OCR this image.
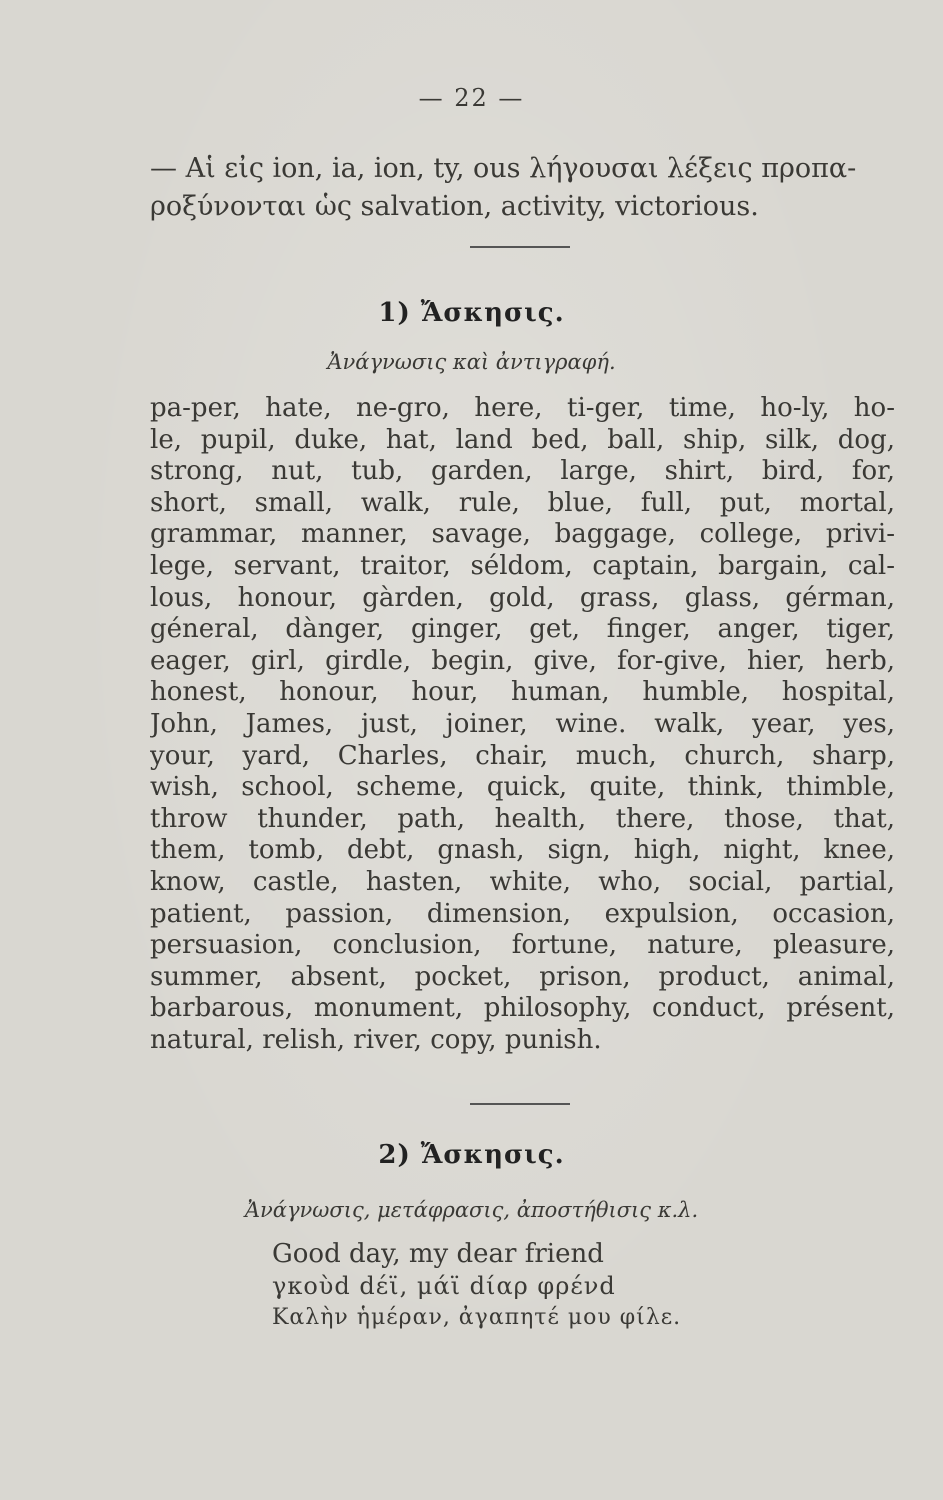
— 22 —
— Αἱ εἰς ion, ia, ion, ty, ous λήγουσαι λέξεις προπα-
ροξύνονται ὡς salvation, activity, victorious.
1) Ἄσκησις.
Ἀνάγνωσις καὶ ἀντιγραφή.
pa-per, hate, ne-gro, here, ti-ger, time, ho-ly, ho-
le, pupil, duke, hat, land bed, ball, ship, silk, dog,
strong, nut, tub, garden, large, shirt, bird, for,
short, small, walk, rule, blue, full, put, mortal,
grammar, manner, savage, baggage, college, privi-
lege, servant, traitor, séldom, captain, bargain, cal-
lous, honour, gàrden, gold, grass, glass, gérman,
géneral, dànger, ginger, get, finger, anger, tiger,
eager, girl, girdle, begin, give, for-give, hier, herb,
honest, honour, hour, human, humble, hospital,
John, James, just, joiner, wine. walk, year, yes,
your, yard, Charles, chair, much, church, sharp,
wish, school, scheme, quick, quite, think, thimble,
throw thunder, path, health, there, those, that,
them, tomb, debt, gnash, sign, high, night, knee,
know, castle, hasten, white, who, social, partial,
patient, passion, dimension, expulsion, occasion,
persuasion, conclusion, fortune, nature, pleasure,
summer, absent, pocket, prison, product, animal,
barbarous, monument, philosophy, conduct, présent,
natural, relish, river, copy, punish.
2) Ἄσκησις.
Ἀνάγνωσις, μετάφρασις, ἀποστήθισις κ.λ.
Good day, my dear friend
γκοὺd dέϊ, μάϊ dίαρ φρένd
Καλὴν ἡμέραν, ἀγαπητέ μου φίλε.
